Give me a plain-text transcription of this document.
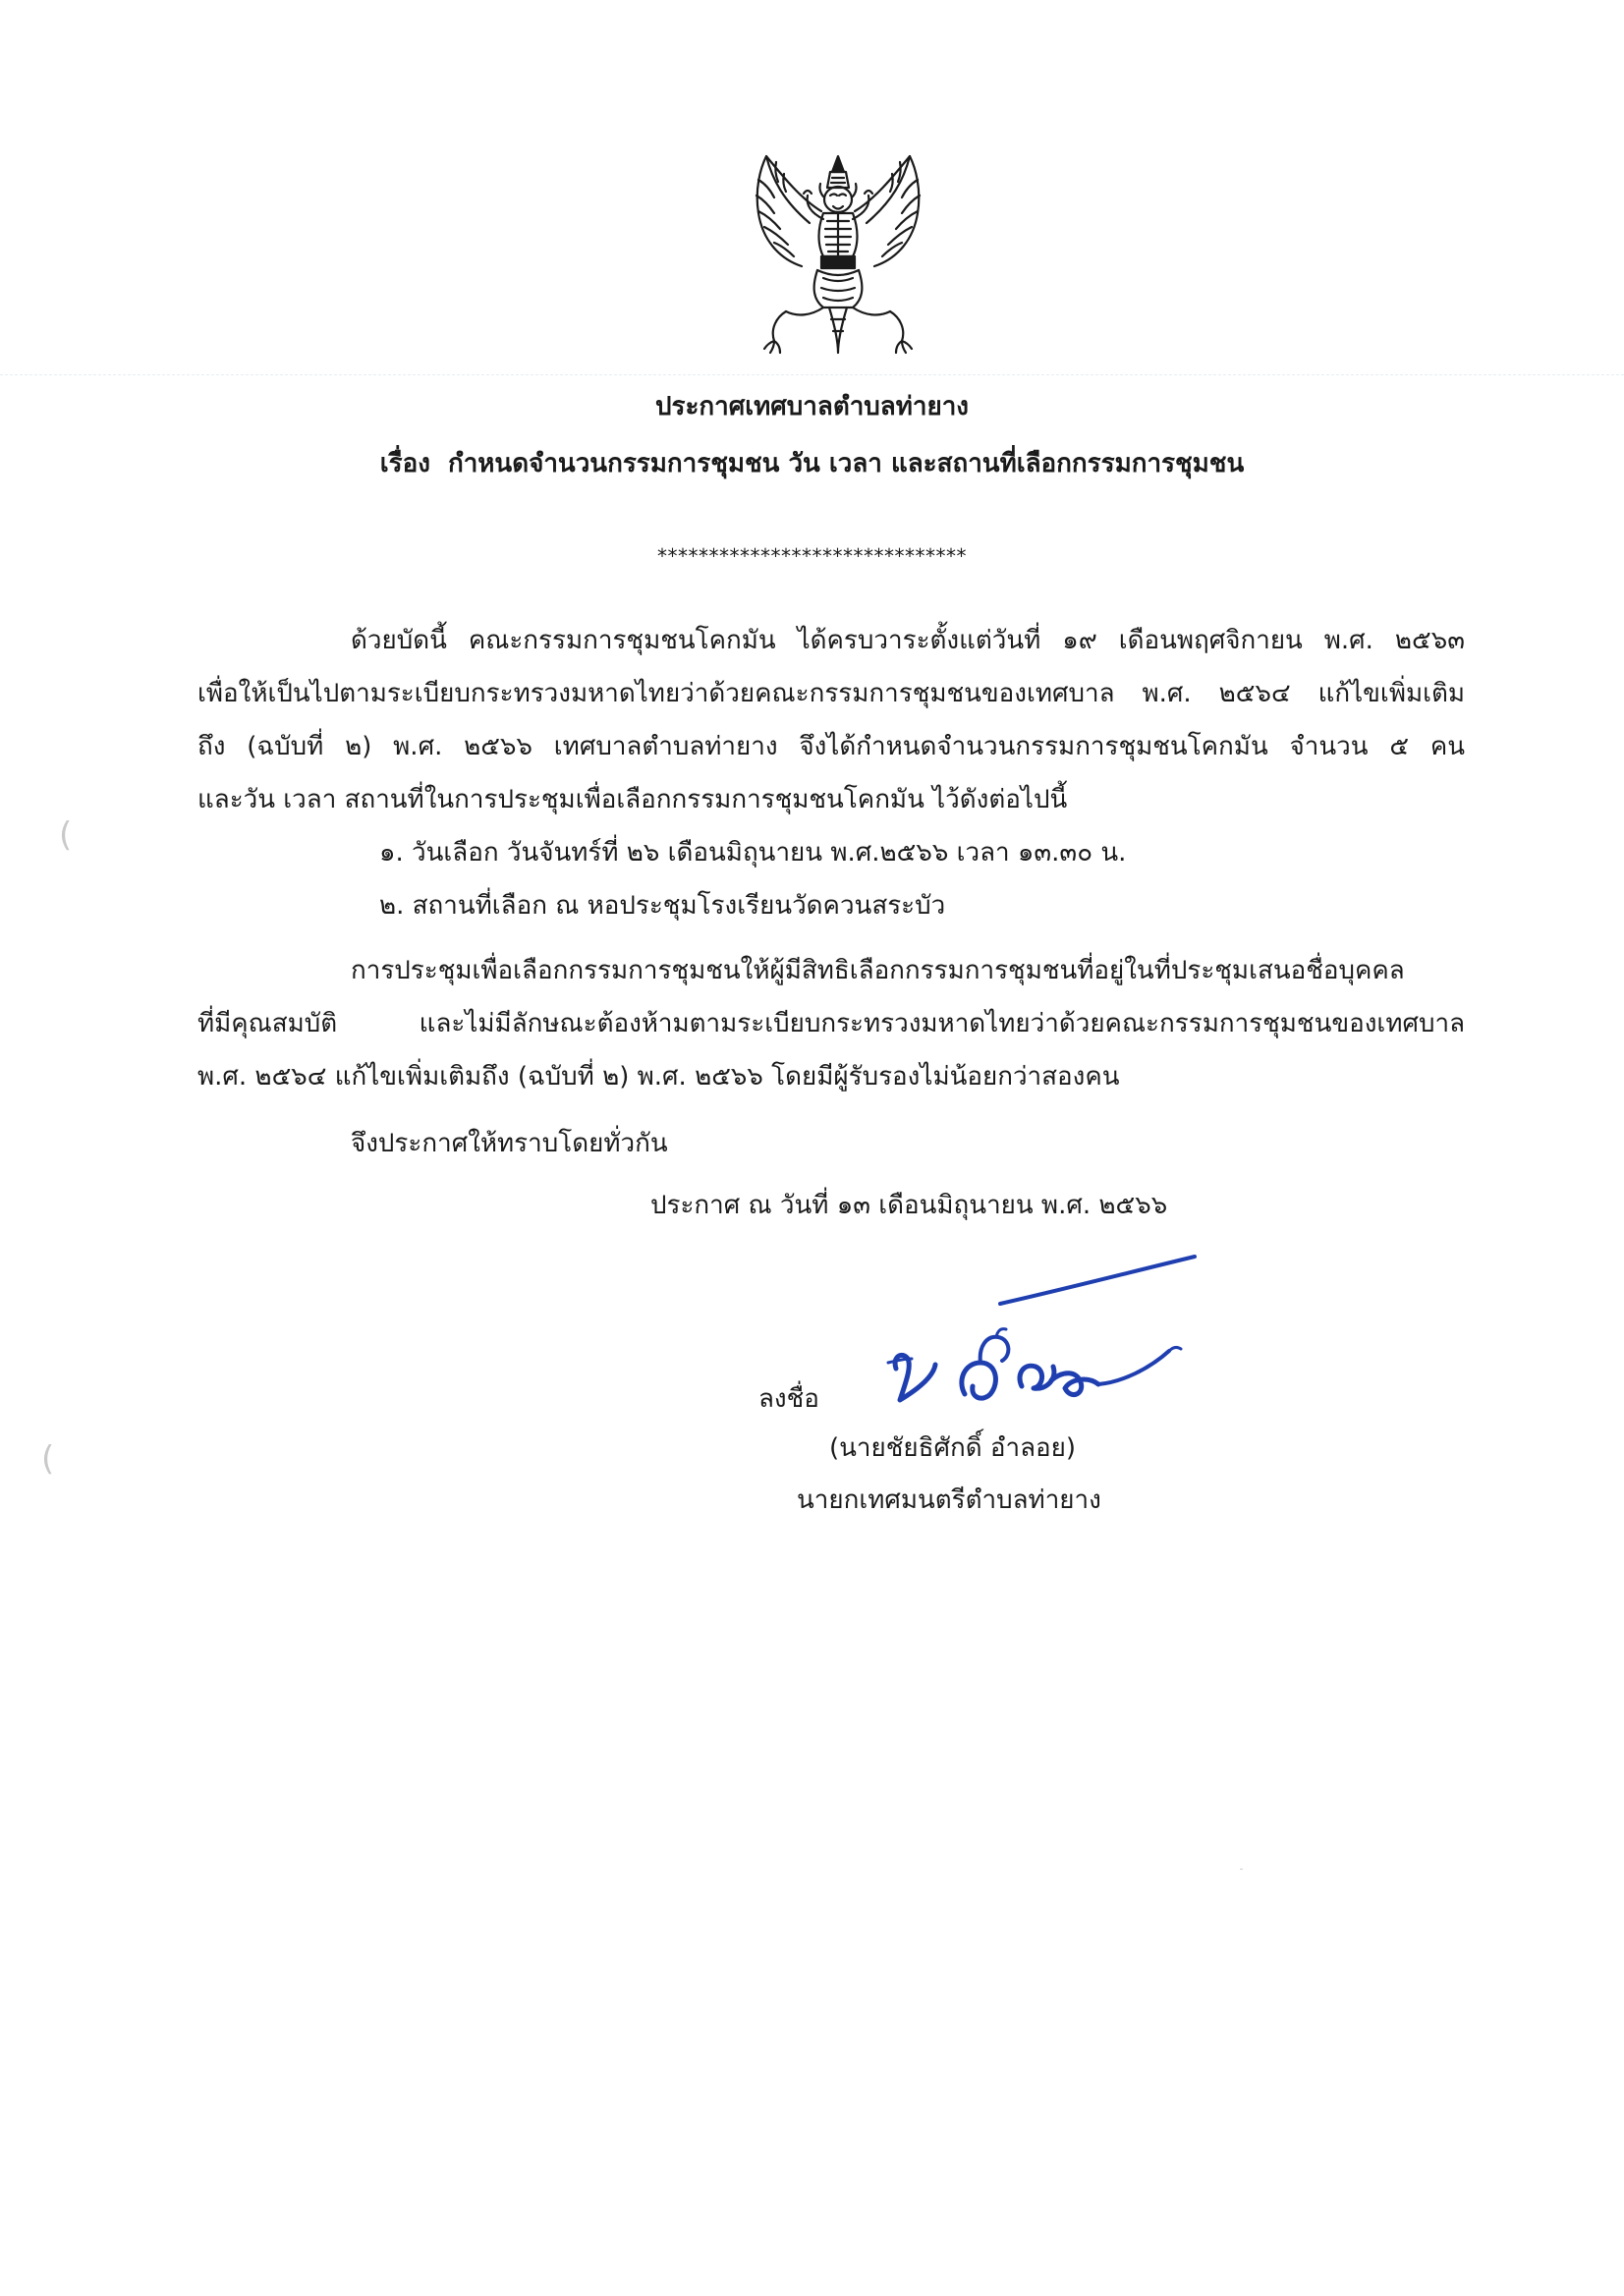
(
(
ประกาศเทศบาลตำบลท่ายาง
เรื่อง กำหนดจำนวนกรรมการชุมชน วัน เวลา และสถานที่เลือกกรรมการชุมชน
******************************
ด้วยบัดนี้ คณะกรรมการชุมชนโคกมัน ได้ครบวาระตั้งแต่วันที่ ๑๙ เดือนพฤศจิกายน พ.ศ. ๒๕๖๓
เพื่อให้เป็นไปตามระเบียบกระทรวงมหาดไทยว่าด้วยคณะกรรมการชุมชนของเทศบาล พ.ศ. ๒๕๖๔ แก้ไขเพิ่มเติม
ถึง (ฉบับที่ ๒) พ.ศ. ๒๕๖๖ เทศบาลตำบลท่ายาง จึงได้กำหนดจำนวนกรรมการชุมชนโคกมัน จำนวน ๕ คน
และวัน เวลา สถานที่ในการประชุมเพื่อเลือกกรรมการชุมชนโคกมัน ไว้ดังต่อไปนี้
๑. วันเลือก วันจันทร์ที่ ๒๖ เดือนมิถุนายน พ.ศ.๒๕๖๖ เวลา ๑๓.๓๐ น.
๒. สถานที่เลือก ณ หอประชุมโรงเรียนวัดควนสระบัว
การประชุมเพื่อเลือกกรรมการชุมชนให้ผู้มีสิทธิเลือกกรรมการชุมชนที่อยู่ในที่ประชุมเสนอชื่อบุคคล
ที่มีคุณสมบัติ และไม่มีลักษณะต้องห้ามตามระเบียบกระทรวงมหาดไทยว่าด้วยคณะกรรมการชุมชนของเทศบาล
พ.ศ. ๒๕๖๔ แก้ไขเพิ่มเติมถึง (ฉบับที่ ๒) พ.ศ. ๒๕๖๖ โดยมีผู้รับรองไม่น้อยกว่าสองคน
จึงประกาศให้ทราบโดยทั่วกัน
ประกาศ ณ วันที่ ๑๓ เดือนมิถุนายน พ.ศ. ๒๕๖๖
ลงชื่อ
(นายชัยธิศักดิ์ อำลอย)
นายกเทศมนตรีตำบลท่ายาง
